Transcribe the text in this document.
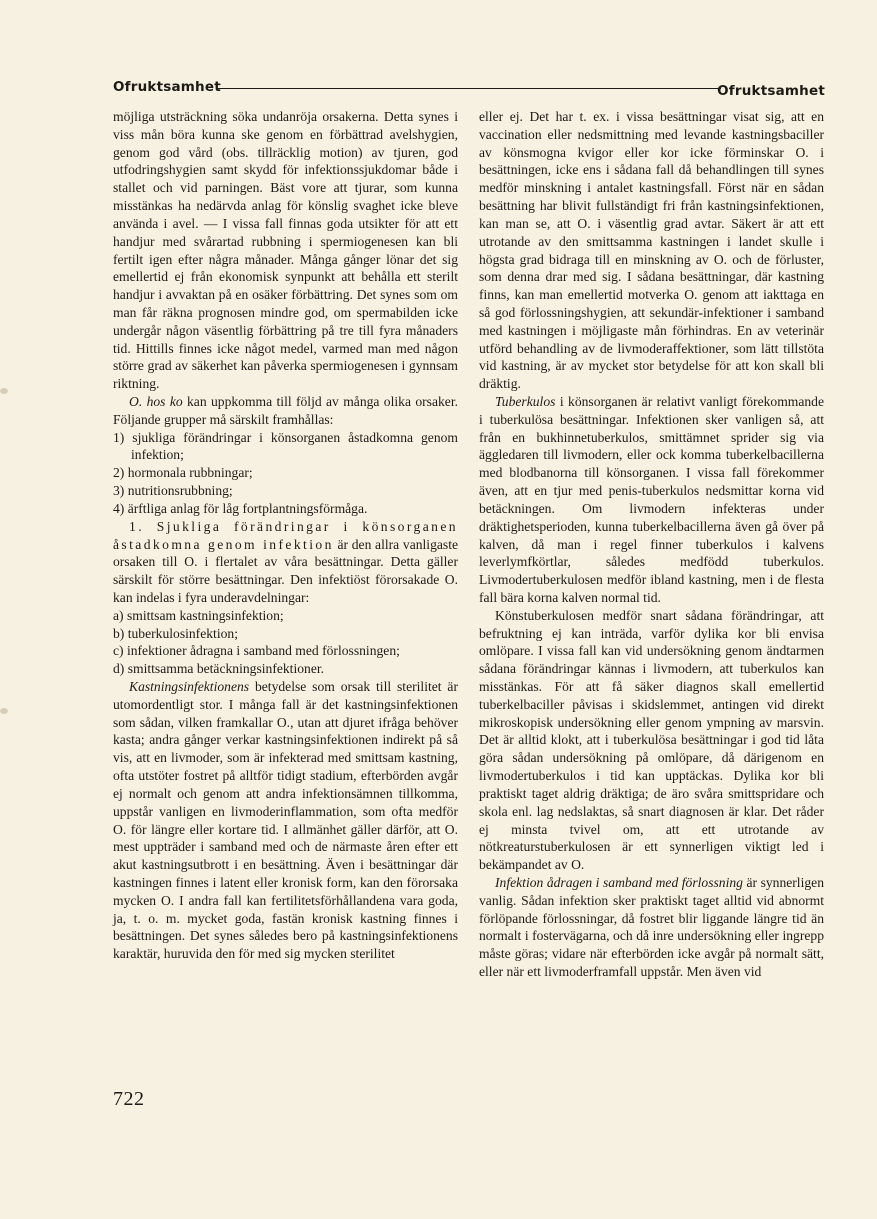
Ofruktsamhet	Ofruktsamhet

möjliga utsträckning söka undanröja orsakerna. Detta synes i viss mån böra kunna ske genom en förbättrad avelshygien, genom god vård (obs. tillräcklig motion) av tjuren, god utfodringshygien samt skydd för infektionssjukdomar både i stallet och vid parningen. Bäst vore att tjurar, som kunna misstänkas ha nedärvda anlag för könslig svaghet icke bleve använda i avel. — I vissa fall finnas goda utsikter för att ett handjur med svårartad rubbning i spermiogenesen kan bli fertilt igen efter några månader. Många gånger lönar det sig emellertid ej från ekonomisk synpunkt att behålla ett sterilt handjur i avvaktan på en osäker förbättring. Det synes som om man får räkna prognosen mindre god, om spermabilden icke undergår någon väsentlig förbättring på tre till fyra månaders tid. Hittills finnes icke något medel, varmed man med någon större grad av säkerhet kan påverka spermiogenesen i gynnsam riktning.

O. hos ko kan uppkomma till följd av många olika orsaker. Följande grupper må särskilt framhållas:

1) sjukliga förändringar i könsorganen åstadkomna genom infektion;

2) hormonala rubbningar;

3) nutritionsrubbning;

4) ärftliga anlag för låg fortplantningsförmåga.

1. Sjukliga förändringar i könsorganen åstadkomna genom infektion är den allra vanligaste orsaken till O. i flertalet av våra besättningar. Detta gäller särskilt för större besättningar. Den infektiöst förorsakade O. kan indelas i fyra underavdelningar:

a) smittsam kastningsinfektion;

b) tuberkulosinfektion;

c) infektioner ådragna i samband med förlossningen;

d) smittsamma betäckningsinfektioner.

Kastningsinfektionens betydelse som orsak till sterilitet är utomordentligt stor. I många fall är det kastningsinfektionen som sådan, vilken framkallar O., utan att djuret ifråga behöver kasta; andra gånger verkar kastningsinfektionen indirekt på så vis, att en livmoder, som är infekterad med smittsam kastning, ofta utstöter fostret på alltför tidigt stadium, efterbörden avgår ej normalt och genom att andra infektionsämnen tillkomma, uppstår vanligen en livmoderinflammation, som ofta medför O. för längre eller kortare tid. I allmänhet gäller därför, att O. mest uppträder i samband med och de närmaste åren efter ett akut kastningsutbrott i en besättning. Även i besättningar där kastningen finnes i latent eller kronisk form, kan den förorsaka mycken O. I andra fall kan fertilitetsförhållandena vara goda, ja, t. o. m. mycket goda, fastän kronisk kastning finnes i besättningen. Det synes således bero på kastningsinfektionens karaktär, huruvida den för med sig mycken sterilitet

eller ej. Det har t. ex. i vissa besättningar visat sig, att en vaccination eller nedsmittning med levande kastningsbaciller av könsmogna kvigor eller kor icke förminskar O. i besättningen, icke ens i sådana fall då behandlingen till synes medför minskning i antalet kastningsfall. Först när en sådan besättning har blivit fullständigt fri från kastningsinfektionen, kan man se, att O. i väsentlig grad avtar. Säkert är att ett utrotande av den smittsamma kastningen i landet skulle i högsta grad bidraga till en minskning av O. och de förluster, som denna drar med sig. I sådana besättningar, där kastning finns, kan man emellertid motverka O. genom att iakttaga en så god förlossningshygien, att sekundär-infektioner i samband med kastningen i möjligaste mån förhindras. En av veterinär utförd behandling av de livmoderaffektioner, som lätt tillstöta vid kastning, är av mycket stor betydelse för att kon skall bli dräktig.

Tuberkulos i könsorganen är relativt vanligt förekommande i tuberkulösa besättningar. Infektionen sker vanligen så, att från en bukhinnetuberkulos, smittämnet sprider sig via äggledaren till livmodern, eller ock komma tuberkelbacillerna med blodbanorna till könsorganen. I vissa fall förekommer även, att en tjur med penis-tuberkulos nedsmittar korna vid betäckningen. Om livmodern infekteras under dräktighetsperioden, kunna tuberkelbacillerna även gå över på kalven, då man i regel finner tuberkulos i kalvens leverlymfkörtlar, således medfödd tuberkulos. Livmodertuberkulosen medför ibland kastning, men i de flesta fall bära korna kalven normal tid.

Könstuberkulosen medför snart sådana förändringar, att befruktning ej kan inträda, varför dylika kor bli envisa omlöpare. I vissa fall kan vid undersökning genom ändtarmen sådana förändringar kännas i livmodern, att tuberkulos kan misstänkas. För att få säker diagnos skall emellertid tuberkelbaciller påvisas i skidslemmet, antingen vid direkt mikroskopisk undersökning eller genom ympning av marsvin. Det är alltid klokt, att i tuberkulösa besättningar i god tid låta göra sådan undersökning på omlöpare, då därigenom en livmodertuberkulos i tid kan upptäckas. Dylika kor bli praktiskt taget aldrig dräktiga; de äro svåra smittspridare och skola enl. lag nedslaktas, så snart diagnosen är klar. Det råder ej minsta tvivel om, att ett utrotande av nötkreaturstuberkulosen är ett synnerligen viktigt led i bekämpandet av O.

Infektion ådragen i samband med förlossning är synnerligen vanlig. Sådan infektion sker praktiskt taget alltid vid abnormt förlöpande förlossningar, då fostret blir liggande längre tid än normalt i fostervägarna, och då inre undersökning eller ingrepp måste göras; vidare när efterbörden icke avgår på normalt sätt, eller när ett livmoderframfall uppstår. Men även vid

722
